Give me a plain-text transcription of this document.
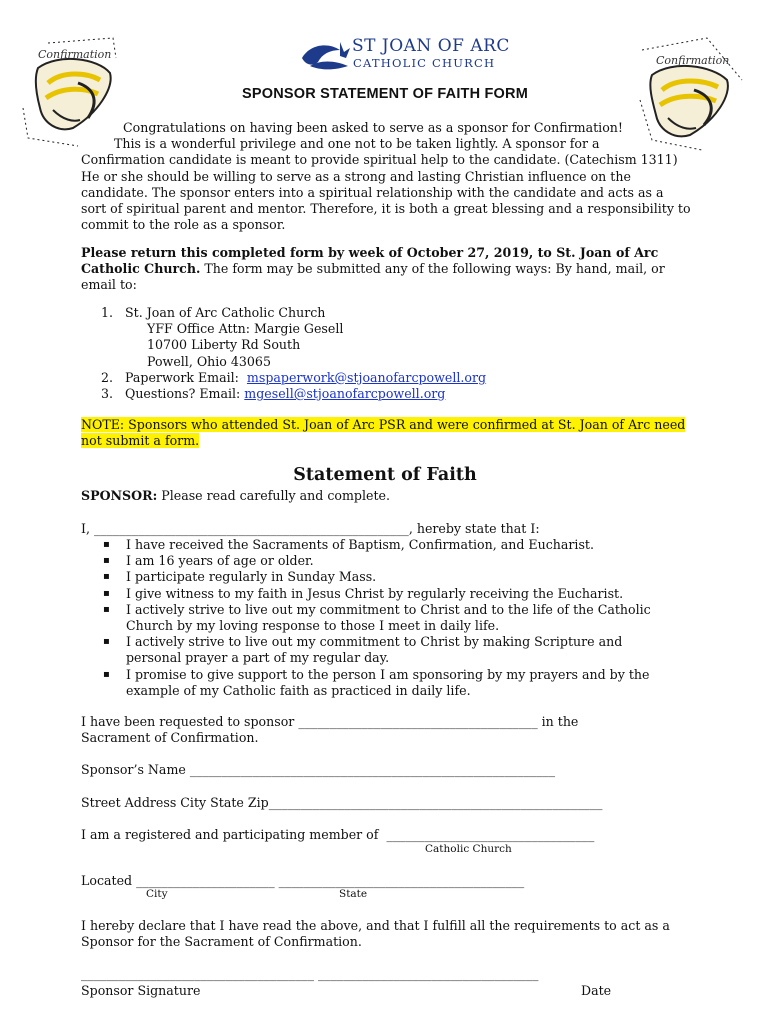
Confirmation	Confirmation
ST JOAN OF ARC
CATHOLIC CHURCH
SPONSOR STATEMENT OF FAITH FORM

Congratulations on having been asked to serve as a sponsor for Confirmation!

This is a wonderful privilege and one not to be taken lightly. A sponsor for a

Confirmation candidate is meant to provide spiritual help to the candidate. (Catechism 1311) He or she should be willing to serve as a strong and lasting Christian influence on the candidate. The sponsor enters into a spiritual relationship with the candidate and acts as a sort of spiritual parent and mentor. Therefore, it is both a great blessing and a responsibility to commit to the role as a sponsor.

Please return this completed form by week of October 27, 2019, to St. Joan of Arc Catholic Church. The form may be submitted any of the following ways: By hand, mail, or email to:
1. St. Joan of Arc Catholic Church
YFF Office Attn: Margie Gesell
10700 Liberty Rd South
Powell, Ohio 43065
2. Paperwork Email:  mspaperwork@stjoanofarcpowell.org
3. Questions? Email: mgesell@stjoanofarcpowell.org
NOTE: Sponsors who attended St. Joan of Arc PSR and were confirmed at St. Joan of Arc need not submit a form.
Statement of Faith
SPONSOR: Please read carefully and complete.
I, __________________________________________________, hereby state that I:
▪ I have received the Sacraments of Baptism, Confirmation, and Eucharist.
▪ I am 16 years of age or older.
▪ I participate regularly in Sunday Mass.
▪ I give witness to my faith in Jesus Christ by regularly receiving the Eucharist.
▪ I actively strive to live out my commitment to Christ and to the life of the Catholic Church by my loving response to those I meet in daily life.
▪ I actively strive to live out my commitment to Christ by making Scripture and personal prayer a part of my regular day.
▪ I promise to give support to the person I am sponsoring by my prayers and by the example of my Catholic faith as practiced in daily life.
I have been requested to sponsor ______________________________________ in the
Sacrament of Confirmation.
Sponsor’s Name __________________________________________________________
Street Address City State Zip_____________________________________________________
I am a registered and participating member of  _________________________________
Catholic Church
Located ______________________ _______________________________________
City	State
I hereby declare that I have read the above, and that I fulfill all the requirements to act as a Sponsor for the Sacrament of Confirmation.
_____________________________________ ___________________________________
Sponsor Signature	Date
